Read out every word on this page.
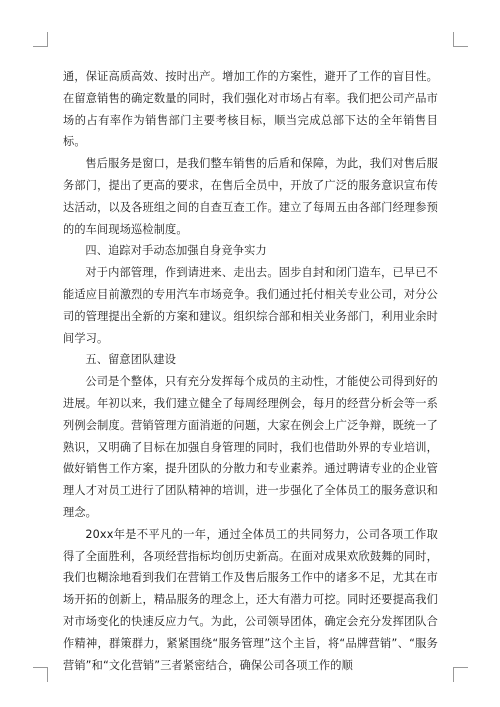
通，保证高质高效、按时出产。增加工作的方案性，避开了工作的盲目性。在留意销售的确定数量的同时，我们强化对市场占有率。我们把公司产品市场的占有率作为销售部门主要考核目标，顺当完成总部下达的全年销售目标。

售后服务是窗口，是我们整车销售的后盾和保障，为此，我们对售后服务部门，提出了更高的要求，在售后全员中，开放了广泛的服务意识宣布传达活动，以及各班组之间的自查互查工作。建立了每周五由各部门经理参预的的车间现场巡检制度。

四、追踪对手动态加强自身竞争实力

对于内部管理，作到请进来、走出去。固步自封和闭门造车，已早已不能适应目前激烈的专用汽车市场竞争。我们通过托付相关专业公司，对分公司的管理提出全新的方案和建议。组织综合部和相关业务部门，利用业余时间学习。

五、留意团队建设

公司是个整体，只有充分发挥每个成员的主动性，才能使公司得到好的进展。年初以来，我们建立健全了每周经理例会，每月的经营分析会等一系列例会制度。营销管理方面消逝的问题，大家在例会上广泛争辩，既统一了熟识，又明确了目标在加强自身管理的同时，我们也借助外界的专业培训，做好销售工作方案，提升团队的分散力和专业素养。通过聘请专业的企业管理人才对员工进行了团队精神的培训，进一步强化了全体员工的服务意识和理念。

20xx年是不平凡的一年，通过全体员工的共同努力，公司各项工作取得了全面胜利，各项经营指标均创历史新高。在面对成果欢欣鼓舞的同时，我们也糊涂地看到我们在营销工作及售后服务工作中的诸多不足，尤其在市场开拓的创新上，精品服务的理念上，还大有潜力可挖。同时还要提高我们对市场变化的快速反应力气。为此，公司领导团体，确定会充分发挥团队合作精神，群策群力，紧紧围绕“服务管理”这个主旨，将“品牌营销”、“服务营销”和“文化营销”三者紧密结合，确保公司各项工作的顺
